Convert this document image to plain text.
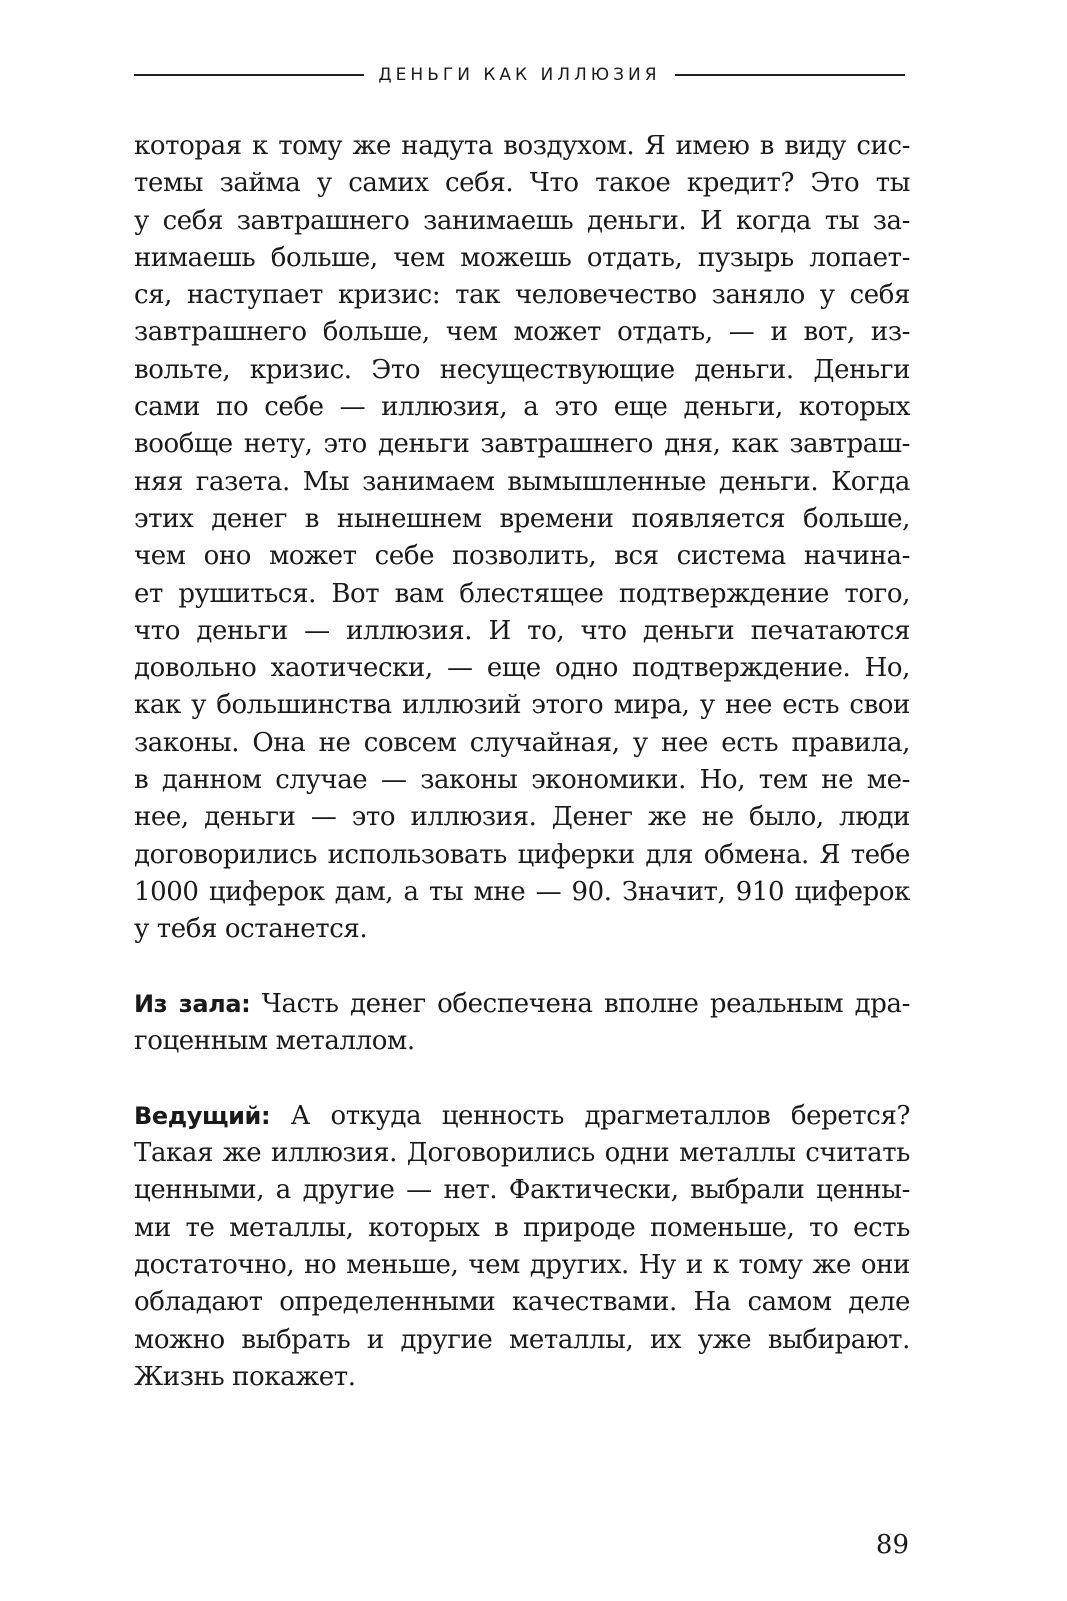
ДЕНЬГИ КАК ИЛЛЮЗИЯ
которая к тому же надута воздухом. Я имею в виду сис-
темы займа у самих себя. Что такое кредит? Это ты
у себя завтрашнего занимаешь деньги. И когда ты за-
нимаешь больше, чем можешь отдать, пузырь лопает-
ся, наступает кризис: так человечество заняло у себя
завтрашнего больше, чем может отдать, — и вот, из-
вольте, кризис. Это несуществующие деньги. Деньги
сами по себе — иллюзия, а это еще деньги, которых
вообще нету, это деньги завтрашнего дня, как завтраш-
няя газета. Мы занимаем вымышленные деньги. Когда
этих денег в нынешнем времени появляется больше,
чем оно может себе позволить, вся система начина-
ет рушиться. Вот вам блестящее подтверждение того,
что деньги — иллюзия. И то, что деньги печатаются
довольно хаотически, — еще одно подтверждение. Но,
как у большинства иллюзий этого мира, у нее есть свои
законы. Она не совсем случайная, у нее есть правила,
в данном случае — законы экономики. Но, тем не ме-
нее, деньги — это иллюзия. Денег же не было, люди
договорились использовать циферки для обмена. Я тебе
1000 циферок дам, а ты мне — 90. Значит, 910 циферок
у тебя останется.
Из зала: Часть денег обеспечена вполне реальным дра-
гоценным металлом.
Ведущий: А откуда ценность драгметаллов берется?
Такая же иллюзия. Договорились одни металлы считать
ценными, а другие — нет. Фактически, выбрали ценны-
ми те металлы, которых в природе поменьше, то есть
достаточно, но меньше, чем других. Ну и к тому же они
обладают определенными качествами. На самом деле
можно выбрать и другие металлы, их уже выбирают.
Жизнь покажет.
89
